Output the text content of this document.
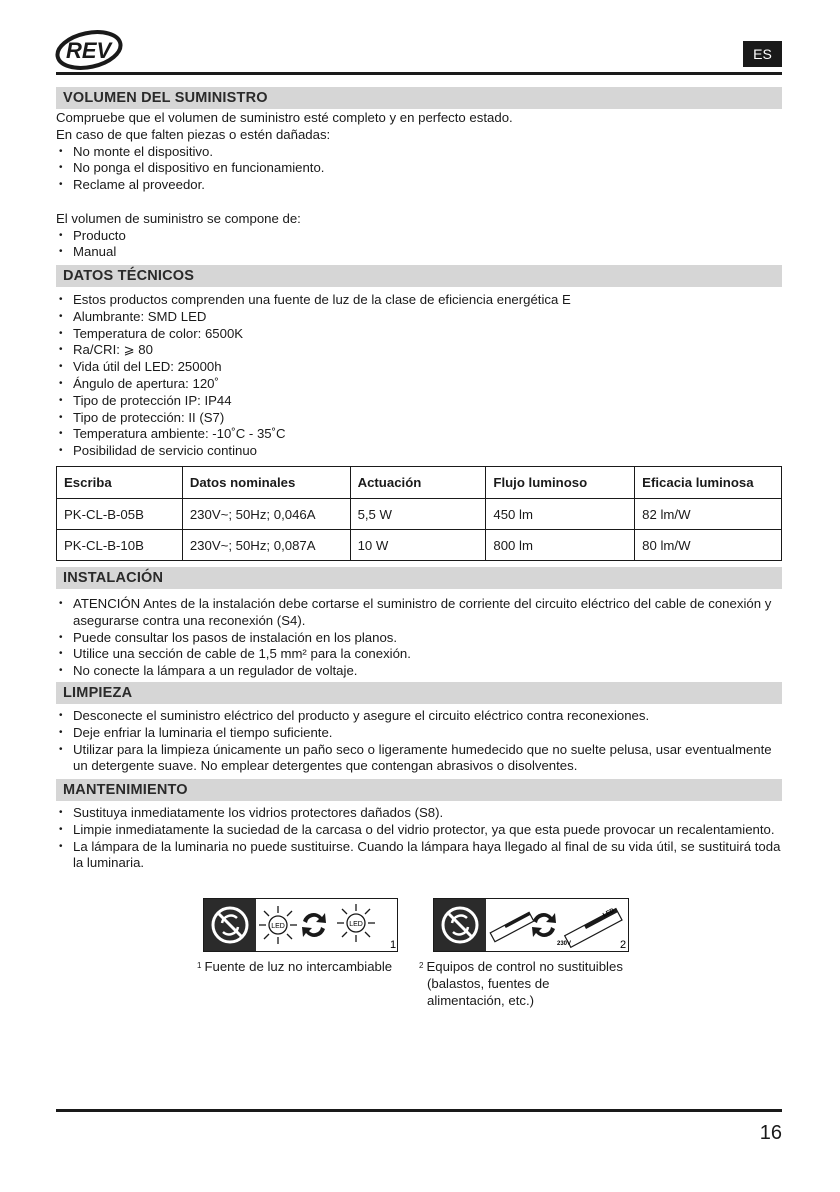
REV	ES
VOLUMEN DEL SUMINISTRO

Compruebe que el volumen de suministro esté completo y en perfecto estado.

En caso de que falten piezas o estén dañadas:

• No monte el dispositivo.
• No ponga el dispositivo en funcionamiento.
• Reclame al proveedor.

El volumen de suministro se compone de:

• Producto
• Manual
DATOS TÉCNICOS
• Estos productos comprenden una fuente de luz de la clase de eficiencia energética E
• Alumbrante: SMD LED
• Temperatura de color: 6500K
• Ra/CRI: ⩾ 80
• Vida útil del LED: 25000h
• Ángulo de apertura: 120˚
• Tipo de protección IP: IP44
• Tipo de protección: II (S7)
• Temperatura ambiente: -10˚C - 35˚C
• Posibilidad de servicio continuo
Escriba	Datos nominales	Actuación	Flujo luminoso	Eficacia luminosa
PK-CL-B-05B	230V~; 50Hz; 0,046A	5,5 W	450 lm	82 lm/W
PK-CL-B-10B	230V~; 50Hz; 0,087A	10 W	800 lm	80 lm/W
INSTALACIÓN
• ATENCIÓN Antes de la instalación debe cortarse el suministro de corriente del circuito eléctrico del cable de conexión y asegurarse contra una reconexión (S4).
• Puede consultar los pasos de instalación en los planos.
• Utilice una sección de cable de 1,5 mm² para la conexión.
• No conecte la lámpara a un regulador de voltaje.
LIMPIEZA
• Desconecte el suministro eléctrico del producto y asegure el circuito eléctrico contra reconexiones.
• Deje enfriar la luminaria el tiempo suficiente.
• Utilizar para la limpieza únicamente un paño seco o ligeramente humedecido que no suelte pelusa, usar eventualmente un detergente suave. No emplear detergentes que contengan abrasivos o disolventes.
MANTENIMIENTO
• Sustituya inmediatamente los vidrios protectores dañados (S8).
• Limpie inmediatamente la suciedad de la carcasa o del vidrio protector, ya que esta puede provocar un recalentamiento.
• La lámpara de la luminaria no puede sustituirse. Cuando la lámpara haya llegado al final de su vida útil, se sustituirá toda la luminaria.
LED	LED
1	230V
LED
2
$^1$ Fuente de luz no intercambiable	$^2$ Equipos de control no sustituibles
(balastos, fuentes de
alimentación, etc.)
16
